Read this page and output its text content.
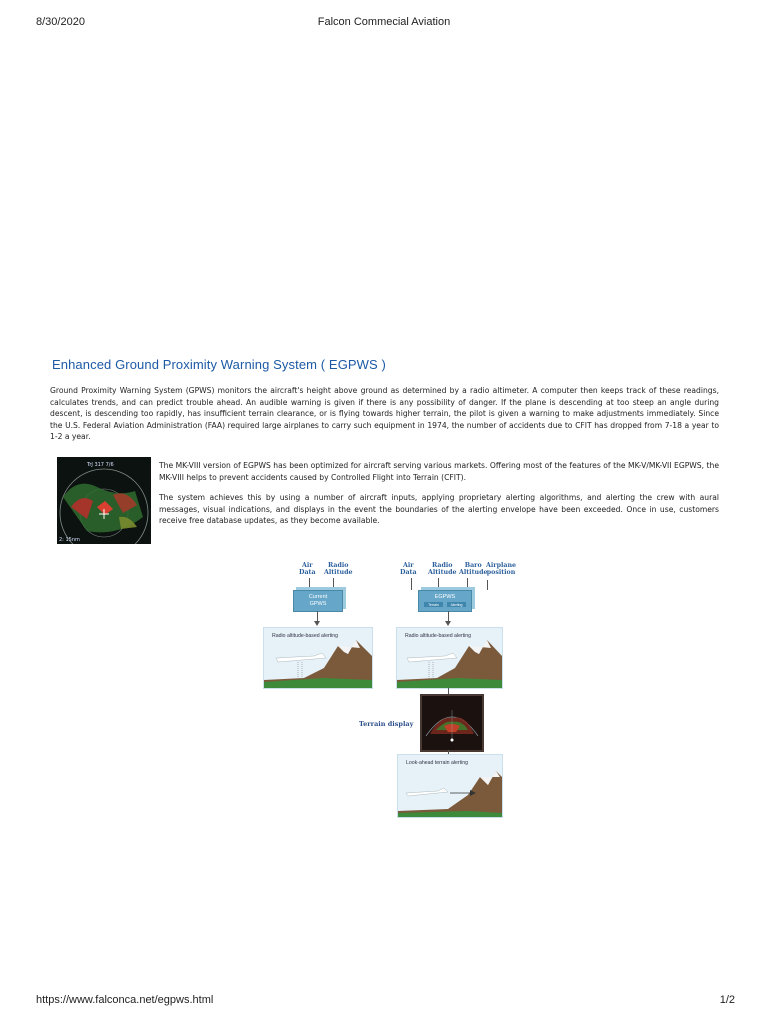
8/30/2020	Falcon Commecial Aviation
https://www.falconca.net/egpws.html	1/2
Enhanced Ground Proximity Warning System ( EGPWS )

Ground Proximity Warning System (GPWS) monitors the aircraft's height above ground as determined by a radio altimeter. A computer then keeps track of these readings, calculates trends, and can predict trouble ahead. An audible warning is given if there is any possibility of danger. If the plane is descending at too steep an angle during descent, is descending too rapidly, has insufficient terrain clearance, or is flying towards higher terrain, the pilot is given a warning to make adjustments immediately. Since the U.S. Federal Aviation Administration (FAA) required large airplanes to carry such equipment in 1974, the number of accidents due to CFIT has dropped from 7-18 a year to 1-2 a year.

TrJ 317 7/6
2: 15nm

The MK-VIII version of EGPWS has been optimized for aircraft serving various markets. Offering most of the features of the MK-V/MK-VII EGPWS, the MK-VIII helps to prevent accidents caused by Controlled Flight into Terrain (CFIT).

The system achieves this by using a number of aircraft inputs, applying proprietary alerting algorithms, and alerting the crew with aural messages, visual indications, and displays in the event the boundaries of the alerting envelope have been exceeded. Once in use, customers receive free database updates, as they become available.

Air
Data
Radio
Altitude
Current
GPWS
Radio altitude-based alerting
Air
Data
Radio
Altitude
Baro
Altitude
Airplane
position
EGPWS
Terrain	Alerting
Radio altitude-based alerting
Terrain display
Look-ahead terrain alerting
